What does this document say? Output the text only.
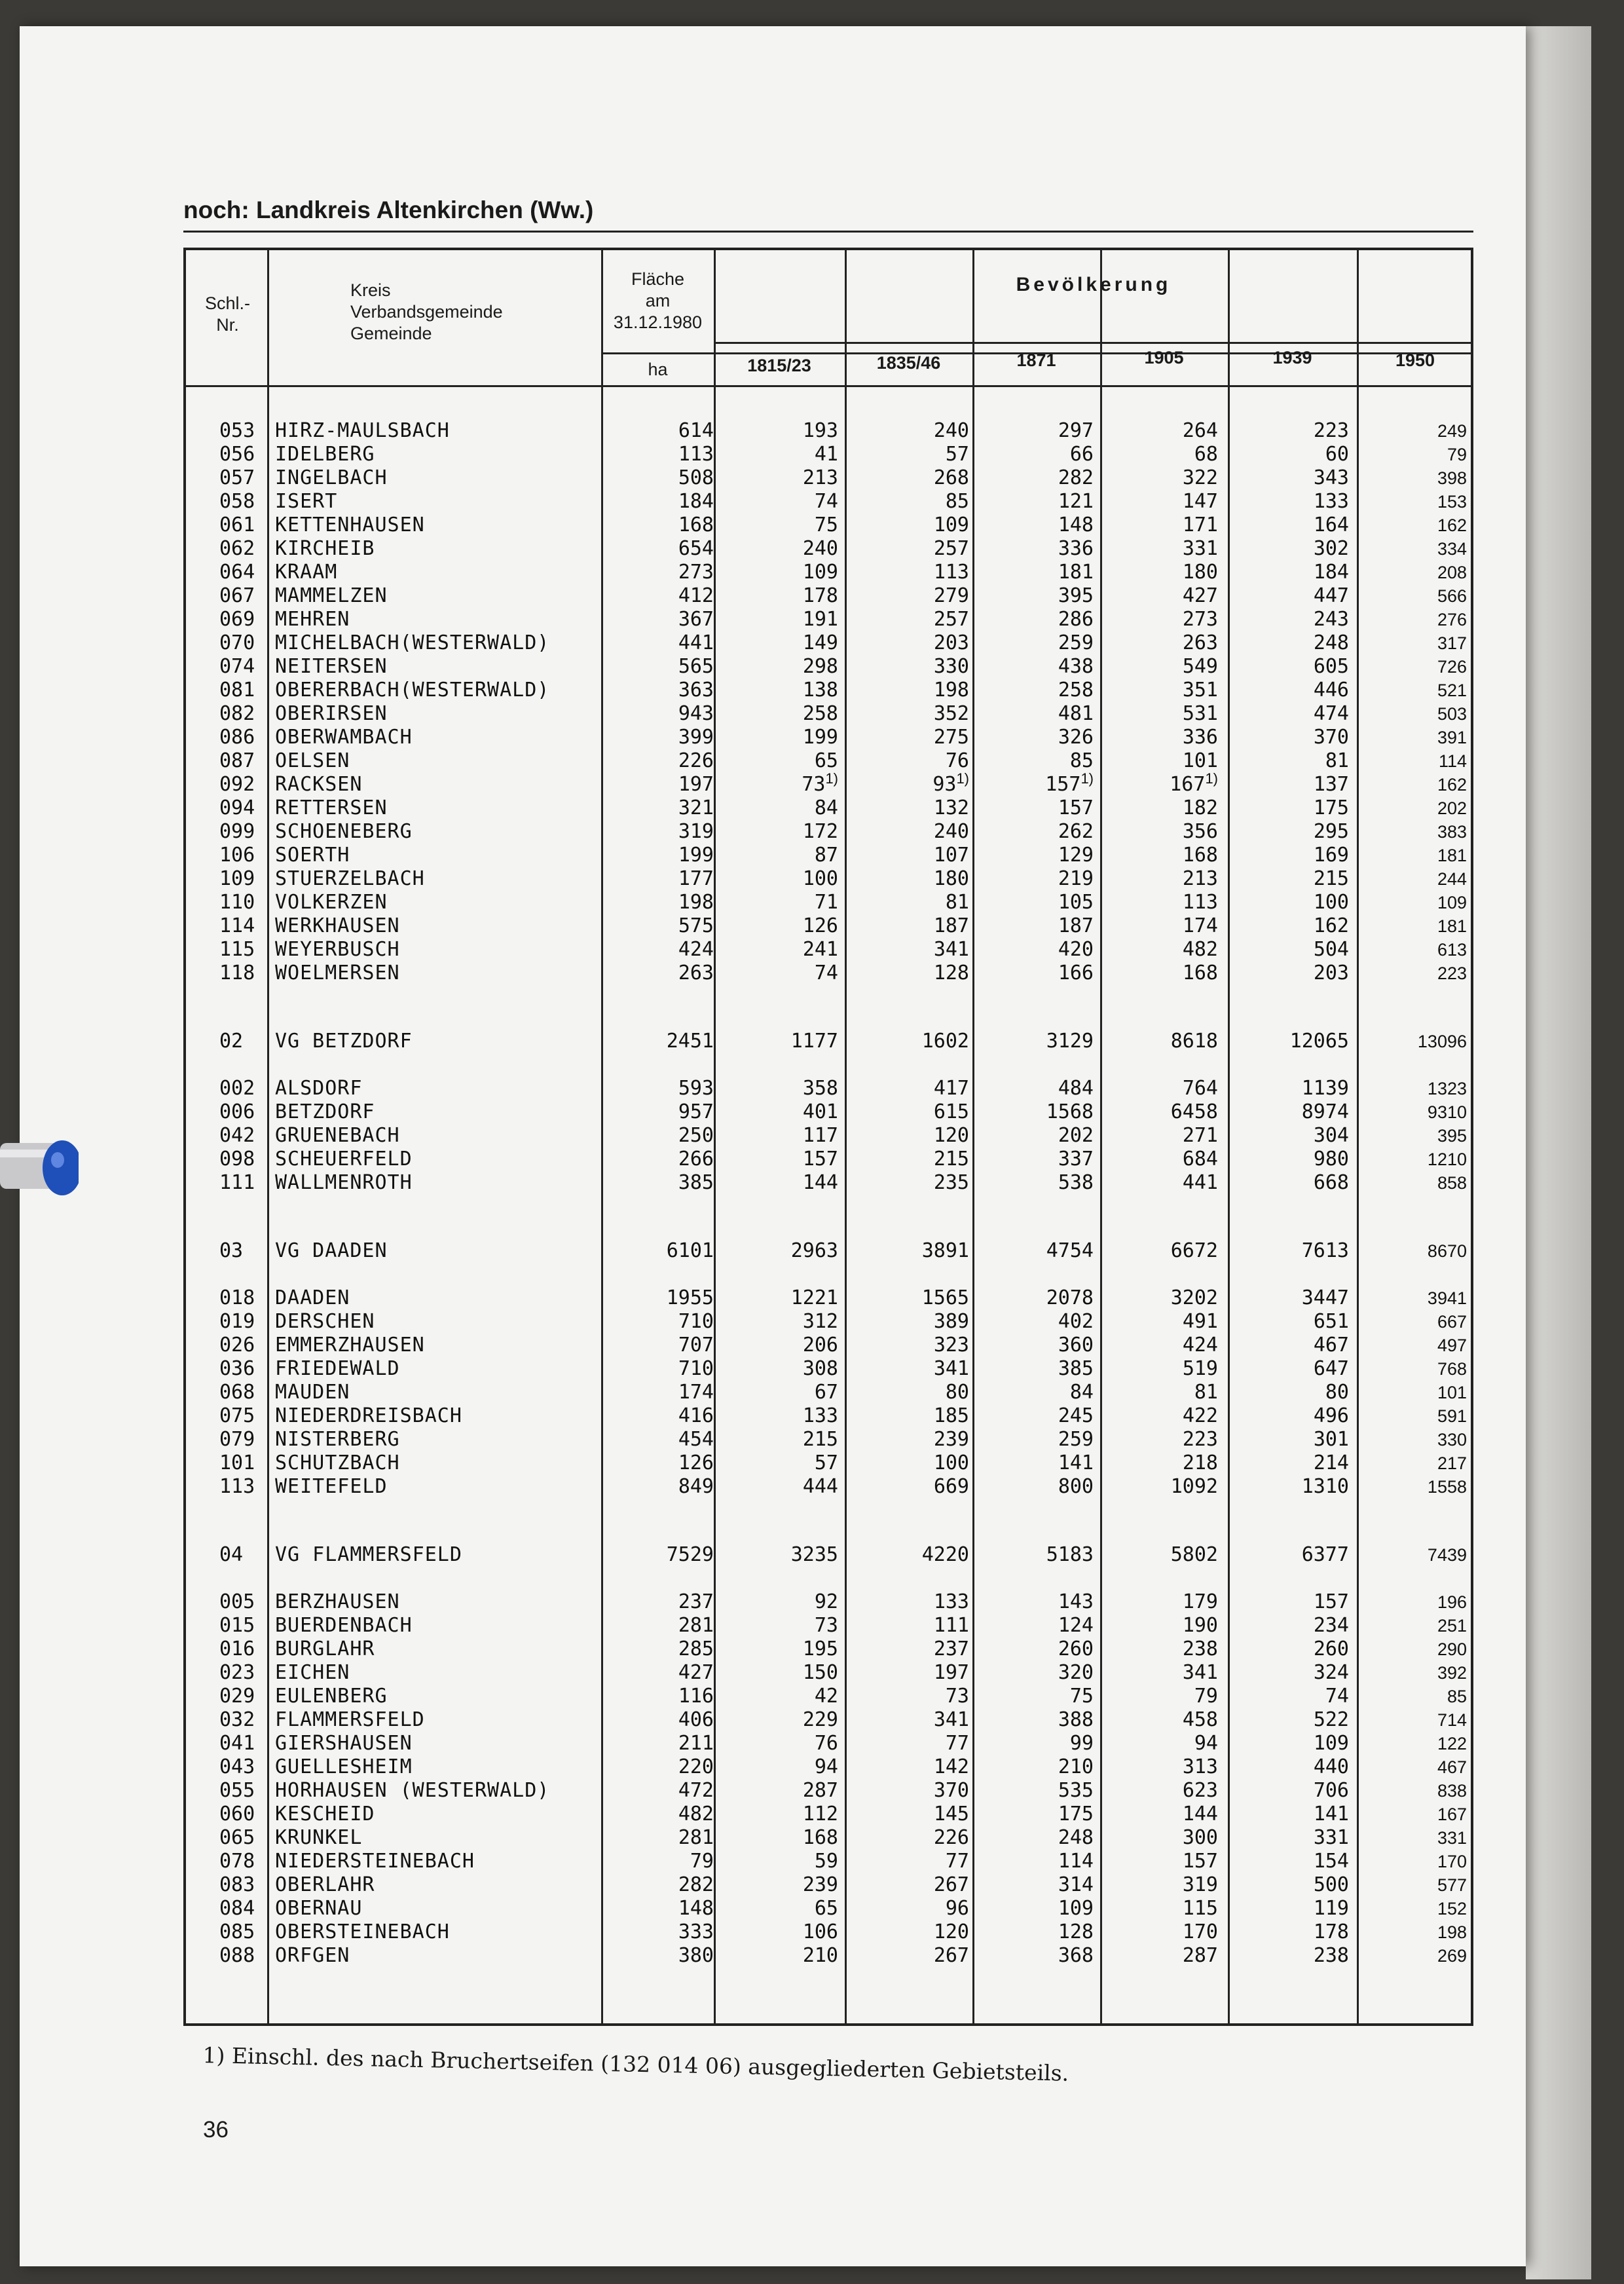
noch: Landkreis Altenkirchen (Ww.)
Schl.-
Nr.
Kreis
Verbandsgemeinde
Gemeinde
Fläche
am
31.12.1980
ha
Bevölkerung
1815/23	1835/46	1871	1905	1939	1950
053	HIRZ-MAULSBACH	614	193	240	297	264	223	249
056	IDELBERG	113	41	57	66	68	60	79
057	INGELBACH	508	213	268	282	322	343	398
058	ISERT	184	74	85	121	147	133	153
061	KETTENHAUSEN	168	75	109	148	171	164	162
062	KIRCHEIB	654	240	257	336	331	302	334
064	KRAAM	273	109	113	181	180	184	208
067	MAMMELZEN	412	178	279	395	427	447	566
069	MEHREN	367	191	257	286	273	243	276
070	MICHELBACH(WESTERWALD)	441	149	203	259	263	248	317
074	NEITERSEN	565	298	330	438	549	605	726
081	OBERERBACH(WESTERWALD)	363	138	198	258	351	446	521
082	OBERIRSEN	943	258	352	481	531	474	503
086	OBERWAMBACH	399	199	275	326	336	370	391
087	OELSEN	226	65	76	85	101	81	114
092	RACKSEN	197	73$^{1)}$	93$^{1)}$	157$^{1)}$	167$^{1)}$	137	162
094	RETTERSEN	321	84	132	157	182	175	202
099	SCHOENEBERG	319	172	240	262	356	295	383
106	SOERTH	199	87	107	129	168	169	181
109	STUERZELBACH	177	100	180	219	213	215	244
110	VOLKERZEN	198	71	81	105	113	100	109
114	WERKHAUSEN	575	126	187	187	174	162	181
115	WEYERBUSCH	424	241	341	420	482	504	613
118	WOELMERSEN	263	74	128	166	168	203	223
02	VG BETZDORF	2451	1177	1602	3129	8618	12065	13096
002	ALSDORF	593	358	417	484	764	1139	1323
006	BETZDORF	957	401	615	1568	6458	8974	9310
042	GRUENEBACH	250	117	120	202	271	304	395
098	SCHEUERFELD	266	157	215	337	684	980	1210
111	WALLMENROTH	385	144	235	538	441	668	858
03	VG DAADEN	6101	2963	3891	4754	6672	7613	8670
018	DAADEN	1955	1221	1565	2078	3202	3447	3941
019	DERSCHEN	710	312	389	402	491	651	667
026	EMMERZHAUSEN	707	206	323	360	424	467	497
036	FRIEDEWALD	710	308	341	385	519	647	768
068	MAUDEN	174	67	80	84	81	80	101
075	NIEDERDREISBACH	416	133	185	245	422	496	591
079	NISTERBERG	454	215	239	259	223	301	330
101	SCHUTZBACH	126	57	100	141	218	214	217
113	WEITEFELD	849	444	669	800	1092	1310	1558
04	VG FLAMMERSFELD	7529	3235	4220	5183	5802	6377	7439
005	BERZHAUSEN	237	92	133	143	179	157	196
015	BUERDENBACH	281	73	111	124	190	234	251
016	BURGLAHR	285	195	237	260	238	260	290
023	EICHEN	427	150	197	320	341	324	392
029	EULENBERG	116	42	73	75	79	74	85
032	FLAMMERSFELD	406	229	341	388	458	522	714
041	GIERSHAUSEN	211	76	77	99	94	109	122
043	GUELLESHEIM	220	94	142	210	313	440	467
055	HORHAUSEN (WESTERWALD)	472	287	370	535	623	706	838
060	KESCHEID	482	112	145	175	144	141	167
065	KRUNKEL	281	168	226	248	300	331	331
078	NIEDERSTEINEBACH	79	59	77	114	157	154	170
083	OBERLAHR	282	239	267	314	319	500	577
084	OBERNAU	148	65	96	109	115	119	152
085	OBERSTEINEBACH	333	106	120	128	170	178	198
088	ORFGEN	380	210	267	368	287	238	269
1) Einschl. des nach Bruchertseifen (132 014 06) ausgegliederten Gebietsteils.
36
